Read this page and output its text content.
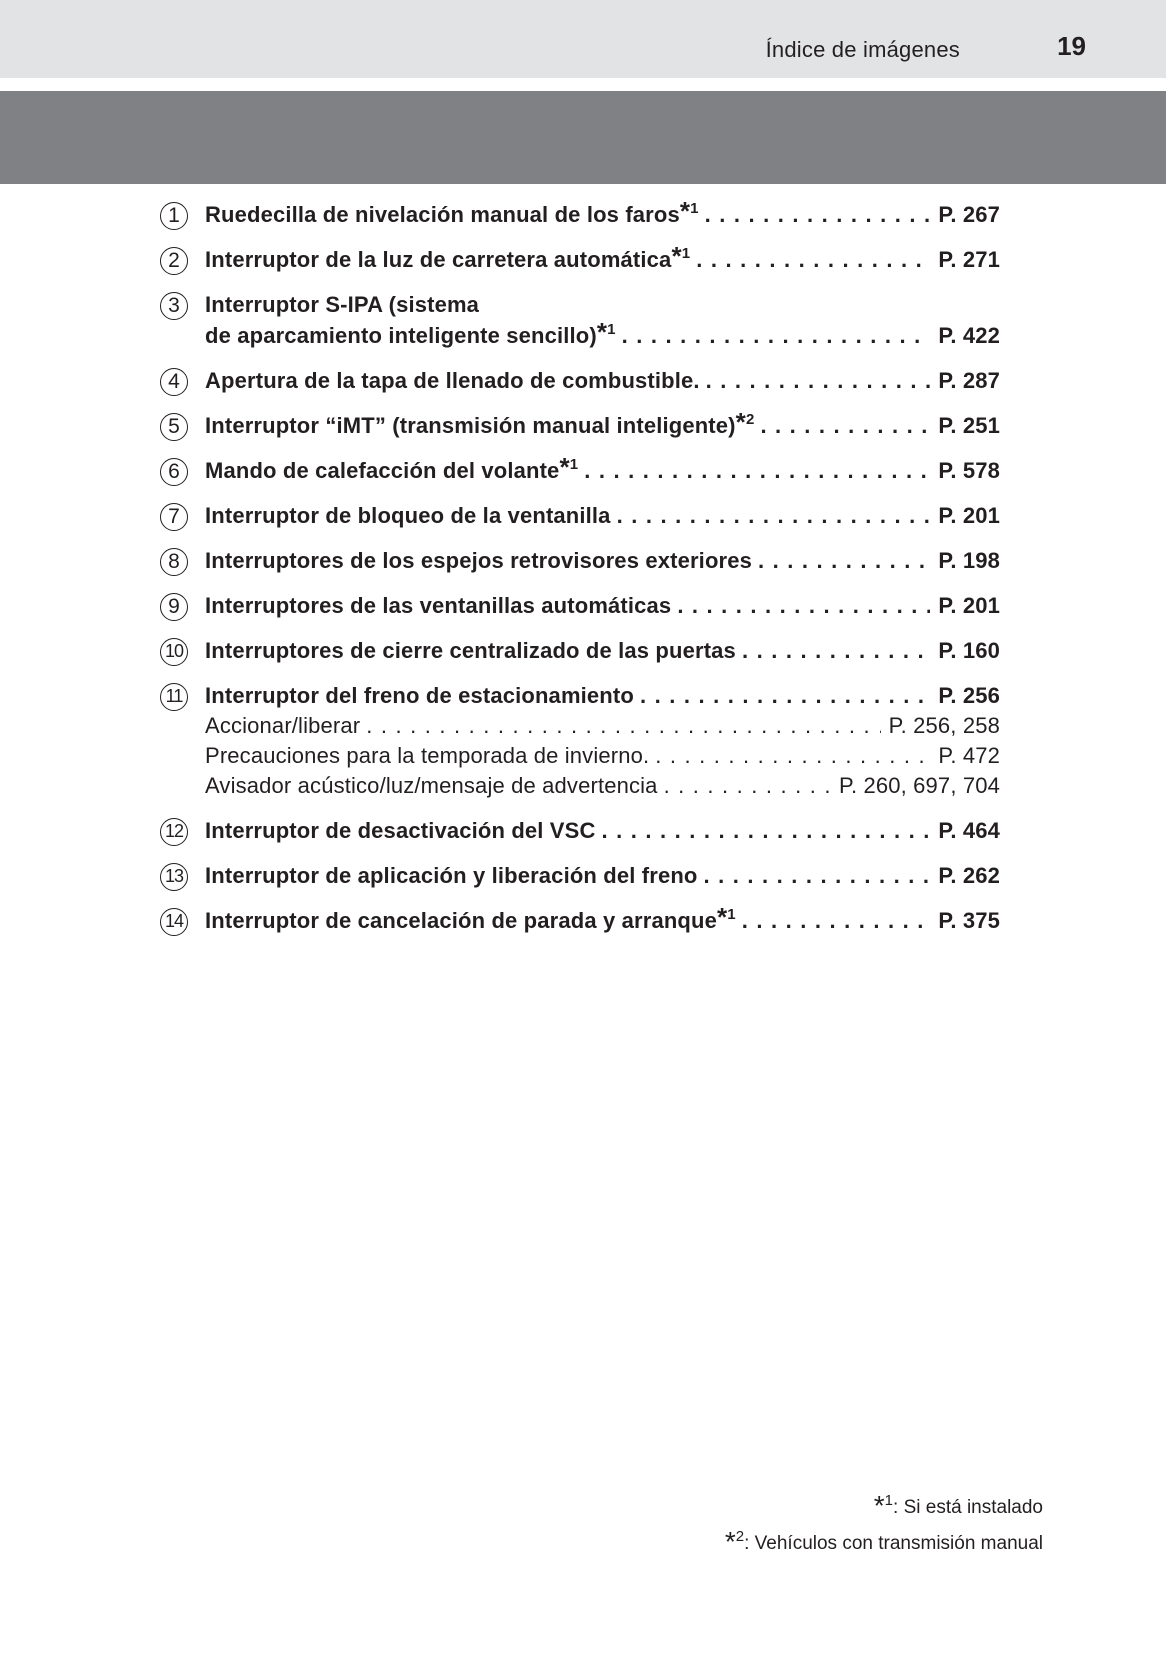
Índice de imágenes	19
1	Ruedecilla de nivelación manual de los faros$^{*1}$ . . .	P. 267
2	Interruptor de la luz de carretera automática$^{*1}$ . . .	P. 271
3	Interruptor S-IPA (sistema
de aparcamiento inteligente sencillo)$^{*1}$ . . .	P. 422
4	Apertura de la tapa de llenado de combustible. . . .	P. 287
5	Interruptor “iMT” (transmisión manual inteligente)$^{*2}$ . . .	P. 251
6	Mando de calefacción del volante$^{*1}$ . . .	P. 578
7	Interruptor de bloqueo de la ventanilla . . .	P. 201
8	Interruptores de los espejos retrovisores exteriores . . .	P. 198
9	Interruptores de las ventanillas automáticas . . .	P. 201
10 Interruptores de cierre centralizado de las puertas . . .	P. 160
11 Interruptor del freno de estacionamiento . . .	P. 256
Accionar/liberar . . .	P. 256, 258
Precauciones para la temporada de invierno. . . .	P. 472
Avisador acústico/luz/mensaje de advertencia . . .	P. 260, 697, 704
12 Interruptor de desactivación del VSC . . .	P. 464
13 Interruptor de aplicación y liberación del freno . . .	P. 262
14 Interruptor de cancelación de parada y arranque$^{*1}$ . . .	P. 375
*$^1$: Si está instalado
*$^2$: Vehículos con transmisión manual
